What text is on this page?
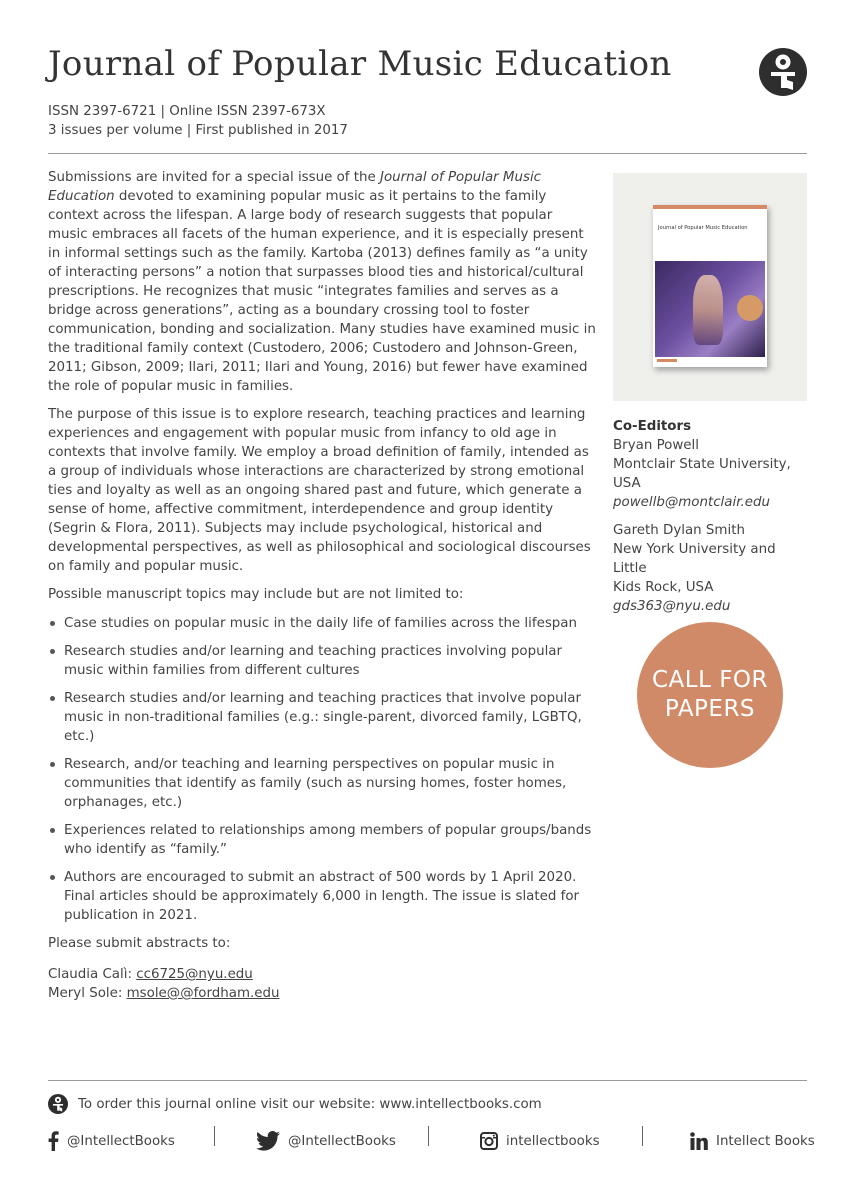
Journal of Popular Music Education
ISSN 2397-6721 | Online ISSN 2397-673X
3 issues per volume | First published in 2017

Submissions are invited for a special issue of the Journal of Popular Music Education devoted to examining popular music as it pertains to the family context across the lifespan. A large body of research suggests that popular music embraces all facets of the human experience, and it is especially present in informal settings such as the family. Kartoba (2013) defines family as “a unity of interacting persons” a notion that surpasses blood ties and historical/cultural prescriptions. He recognizes that music “integrates families and serves as a bridge across generations”, acting as a boundary crossing tool to foster communication, bonding and socialization. Many studies have examined music in the traditional family context (Custodero, 2006; Custodero and Johnson-Green, 2011; Gibson, 2009; Ilari, 2011; Ilari and Young, 2016) but fewer have examined the role of popular music in families.

The purpose of this issue is to explore research, teaching practices and learning experiences and engagement with popular music from infancy to old age in contexts that involve family. We employ a broad definition of family, intended as a group of individuals whose interactions are characterized by strong emotional ties and loyalty as well as an ongoing shared past and future, which generate a sense of home, affective commitment, interdependence and group identity (Segrin & Flora, 2011). Subjects may include psychological, historical and developmental perspectives, as well as philosophical and sociological discourses on family and popular music.

Possible manuscript topics may include but are not limited to:

Case studies on popular music in the daily life of families across the lifespan
Research studies and/or learning and teaching practices involving popular music within families from different cultures
Research studies and/or learning and teaching practices that involve popular music in non-traditional families (e.g.: single-parent, divorced family, LGBTQ, etc.)
Research, and/or teaching and learning perspectives on popular music in communities that identify as family (such as nursing homes, foster homes, orphanages, etc.)
Experiences related to relationships among members of popular groups/bands who identify as “family.”
Authors are encouraged to submit an abstract of 500 words by 1 April 2020. Final articles should be approximately 6,000 in length. The issue is slated for publication in 2021.

Please submit abstracts to:

Claudia Calì: cc6725@nyu.edu
Meryl Sole: msole@@fordham.edu
Journal of Popular Music Education
Co-Editors
Bryan Powell
Montclair State University,
USA
powellb@montclair.edu
Gareth Dylan Smith
New York University and Little
Kids Rock, USA
gds363@nyu.edu
CALL FOR
PAPERS
To order this journal online visit our website: www.intellectbooks.com
@IntellectBooks	@IntellectBooks	intellectbooks	Intellect Books
